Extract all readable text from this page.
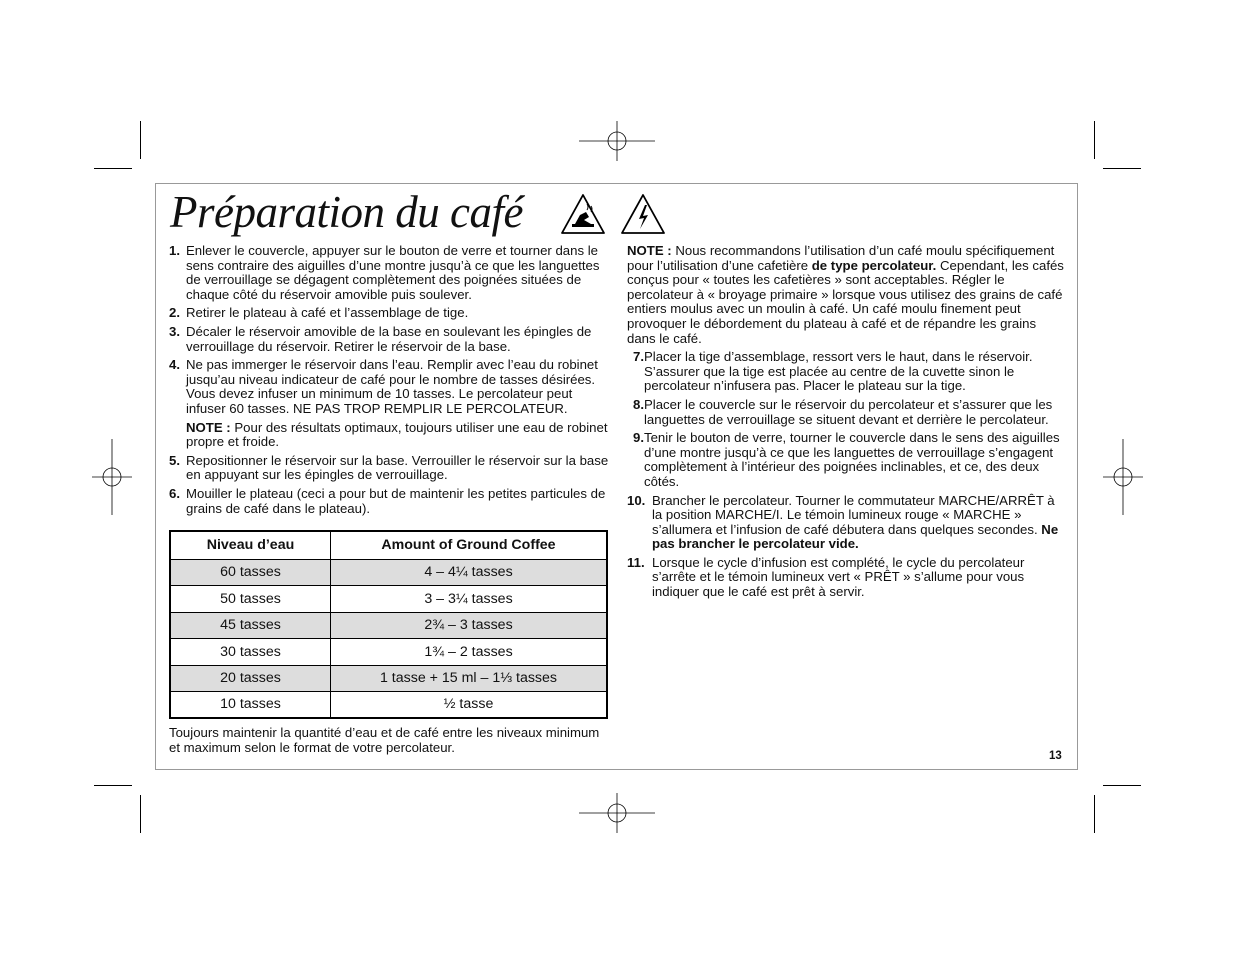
Préparation du café
1. Enlever le couvercle, appuyer sur le bouton de verre et tourner dans le sens contraire des aiguilles d’une montre jusqu’à ce que les languettes de verrouillage se dégagent complètement des poignées situées de chaque côté du réservoir amovible puis soulever.
2. Retirer le plateau à café et l’assemblage de tige.
3. Décaler le réservoir amovible de la base en soulevant les épingles de verrouillage du réservoir. Retirer le réservoir de la base.
4. Ne pas immerger le réservoir dans l’eau. Remplir avec l’eau du robinet jusqu’au niveau indicateur de café pour le nombre de tasses désirées. Vous devez infuser un minimum de 10 tasses. Le percolateur peut infuser 60 tasses. NE PAS TROP REMPLIR LE PERCOLATEUR.

NOTE : Pour des résultats optimaux, toujours utiliser une eau de robinet propre et froide.

5. Repositionner le réservoir sur la base. Verrouiller le réservoir sur la base en appuyant sur les épingles de verrouillage.
6. Mouiller le plateau (ceci a pour but de maintenir les petites particules de grains de café dans le plateau).
Niveau d’eau	Amount of Ground Coffee
60 tasses	4 – 4¼ tasses
50 tasses	3 – 3¼ tasses
45 tasses	2¾ – 3 tasses
30 tasses	1¾ – 2 tasses
20 tasses	1 tasse + 15 ml – 1⅓ tasses
10 tasses	½ tasse

Toujours maintenir la quantité d’eau et de café entre les niveaux minimum et maximum selon le format de votre percolateur.

NOTE : Nous recommandons l’utilisation d’un café moulu spécifiquement pour l’utilisation d’une cafetière de type percolateur. Cependant, les cafés conçus pour « toutes les cafetières » sont acceptables. Régler le percolateur à « broyage primaire » lorsque vous utilisez des grains de café entiers moulus avec un moulin à café. Un café moulu finement peut provoquer le débordement du plateau à café et de répandre les grains dans le café.

7. Placer la tige d’assemblage, ressort vers le haut, dans le réservoir. S’assurer que la tige est placée au centre de la cuvette sinon le percolateur n’infusera pas. Placer le plateau sur la tige.
8. Placer le couvercle sur le réservoir du percolateur et s’assurer que les languettes de verrouillage se situent devant et derrière le percolateur.
9. Tenir le bouton de verre, tourner le couvercle dans le sens des aiguilles d’une montre jusqu’à ce que les languettes de verrouillage s’engagent complètement à l’intérieur des poignées inclinables, et ce, des deux côtés.
10. Brancher le percolateur. Tourner le commutateur MARCHE/ARRÊT à la position MARCHE/I. Le témoin lumineux rouge « MARCHE » s’allumera et l’infusion de café débutera dans quelques secondes. Ne pas brancher le percolateur vide.
11. Lorsque le cycle d’infusion est complété, le cycle du percolateur s’arrête et le témoin lumineux vert « PRÊT » s’allume pour vous indiquer que le café est prêt à servir.
13
